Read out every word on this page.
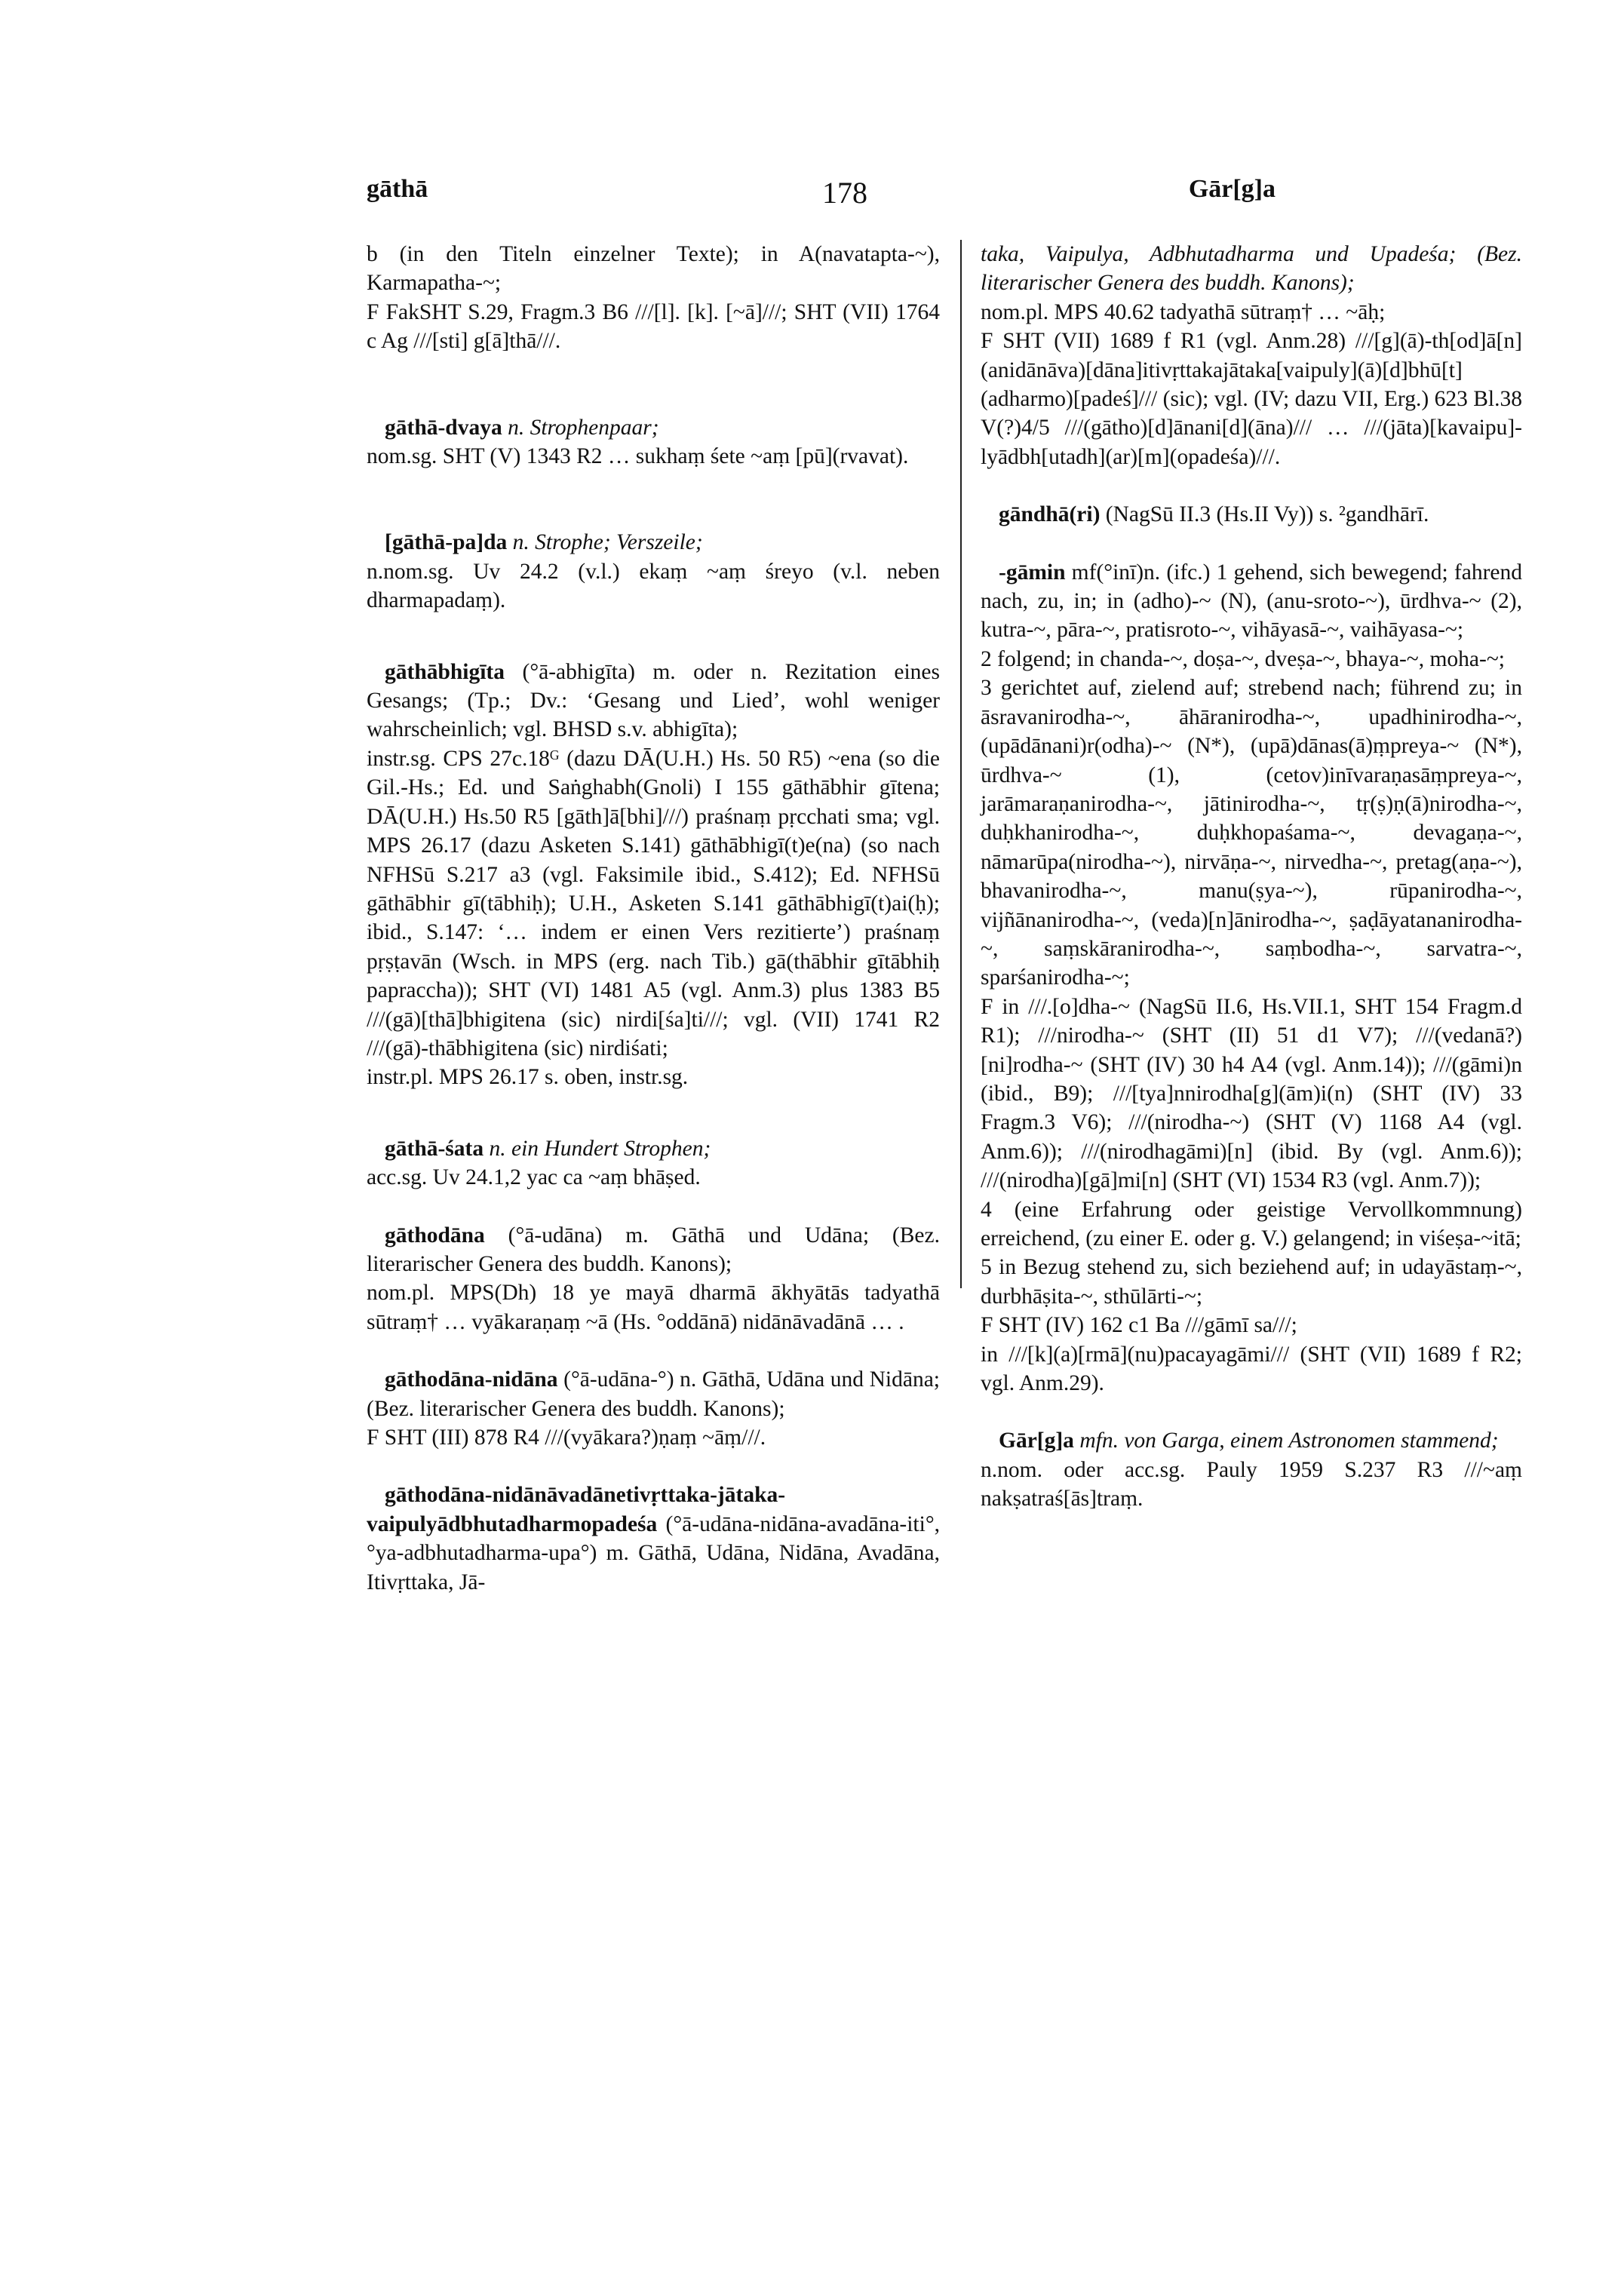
gāthā	178	Gār[g]a

b (in den Titeln einzelner Texte); in A(navatapta-~), Karmapatha-~;

F FakSHT S.29, Fragm.3 B6 ///[l]. [k]. [~ā]///; SHT (VII) 1764 c Ag ///[sti] g[ā]thā///.

gāthā-dvaya n. Strophenpaar;

nom.sg. SHT (V) 1343 R2 … sukhaṃ śete ~aṃ [pū](rvavat).

[gāthā-pa]da n. Strophe; Verszeile;

n.nom.sg. Uv 24.2 (v.l.) ekaṃ ~aṃ śreyo (v.l. neben dharmapadaṃ).

gāthābhigīta (°ā-abhigīta) m. oder n. Rezitation eines Gesangs; (Tp.; Dv.: ‘Gesang und Lied’, wohl weniger wahrscheinlich; vgl. BHSD s.v. abhigīta);

instr.sg. CPS 27c.18ᴳ (dazu DĀ(U.H.) Hs. 50 R5) ~ena (so die Gil.-Hs.; Ed. und Saṅghabh(Gnoli) I 155 gāthābhir gītena; DĀ(U.H.) Hs.50 R5 [gāth]ā[bhi]///) praśnaṃ pṛcchati sma; vgl. MPS 26.17 (dazu Asketen S.141) gāthābhigī(t)e(na) (so nach NFHSū S.217 a3 (vgl. Faksimile ibid., S.412); Ed. NFHSū gāthābhir gī(tābhiḥ); U.H., Asketen S.141 gāthābhigī(t)ai(ḥ); ibid., S.147: ‘… indem er einen Vers rezitierte’) praśnaṃ pṛṣṭavān (Wsch. in MPS (erg. nach Tib.) gā(thābhir gītābhiḥ papraccha)); SHT (VI) 1481 A5 (vgl. Anm.3) plus 1383 B5 ///(gā)[thā]bhigitena (sic) nirdi[śa]ti///; vgl. (VII) 1741 R2 ///(gā)-thābhigitena (sic) nirdiśati;

instr.pl. MPS 26.17 s. oben, instr.sg.

gāthā-śata n. ein Hundert Strophen;

acc.sg. Uv 24.1,2 yac ca ~aṃ bhāṣed.

gāthodāna (°ā-udāna) m. Gāthā und Udāna; (Bez. literarischer Genera des buddh. Kanons);

nom.pl. MPS(Dh) 18 ye mayā dharmā ākhyātās tadyathā sūtraṃ† … vyākaraṇaṃ ~ā (Hs. °oddānā) nidānāvadānā … .

gāthodāna-nidāna (°ā-udāna-°) n. Gāthā, Udāna und Nidāna; (Bez. literarischer Genera des buddh. Kanons);

F SHT (III) 878 R4 ///(vyākara?)ṇaṃ ~āṃ///.

gāthodāna-nidānāvadānetivṛttaka-jātaka-vaipulyādbhutadharmopadeśa (°ā-udāna-nidāna-avadāna-iti°, °ya-adbhutadharma-upa°) m. Gāthā, Udāna, Nidāna, Avadāna, Itivṛttaka, Jā-

taka, Vaipulya, Adbhutadharma und Upadeśa; (Bez. literarischer Genera des buddh. Kanons);

nom.pl. MPS 40.62 tadyathā sūtraṃ† … ~āḥ;

F SHT (VII) 1689 f R1 (vgl. Anm.28) ///[g](ā)-th[od]ā[n](anidānāva)[dāna]itivṛttakajātaka[vaipuly](ā)[d]bhū[t](adharmo)[padeś]/// (sic); vgl. (IV; dazu VII, Erg.) 623 Bl.38 V(?)4/5 ///(gātho)[d]ānani[d](āna)/// … ///(jāta)[kavaipu]-lyādbh[utadh](ar)[m](opadeśa)///.

gāndhā(ri) (NagSū II.3 (Hs.II Vy)) s. ²gandhārī.

-gāmin mf(°inī)n. (ifc.) 1 gehend, sich bewegend; fahrend nach, zu, in; in (adho)-~ (N), (anu-sroto-~), ūrdhva-~ (2), kutra-~, pāra-~, pratisroto-~, vihāyasā-~, vaihāyasa-~;

2 folgend; in chanda-~, doṣa-~, dveṣa-~, bhaya-~, moha-~;

3 gerichtet auf, zielend auf; strebend nach; führend zu; in āsravanirodha-~, āhāranirodha-~, upadhinirodha-~, (upādānani)r(odha)-~ (N*), (upā)dānas(ā)ṃpreya-~ (N*), ūrdhva-~ (1), (cetov)inīvaraṇasāṃpreya-~, jarāmaraṇanirodha-~, jātinirodha-~, tṛ(ṣ)ṇ(ā)nirodha-~, duḥkhanirodha-~, duḥkhopaśama-~, devagaṇa-~, nāmarūpa(nirodha-~), nirvāṇa-~, nirvedha-~, pretag(aṇa-~), bhavanirodha-~, manu(ṣya-~), rūpanirodha-~, vijñānanirodha-~, (veda)[n]ānirodha-~, ṣaḍāyatananirodha-~, saṃskāranirodha-~, saṃbodha-~, sarvatra-~, sparśanirodha-~;

F in ///.[o]dha-~ (NagSū II.6, Hs.VII.1, SHT 154 Fragm.d R1); ///nirodha-~ (SHT (II) 51 d1 V7); ///(vedanā?)[ni]rodha-~ (SHT (IV) 30 h4 A4 (vgl. Anm.14)); ///(gāmi)n (ibid., B9); ///[tya]nnirodha[g](ām)i(n) (SHT (IV) 33 Fragm.3 V6); ///(nirodha-~) (SHT (V) 1168 A4 (vgl. Anm.6)); ///(nirodhagāmi)[n] (ibid. By (vgl. Anm.6)); ///(nirodha)[gā]mi[n] (SHT (VI) 1534 R3 (vgl. Anm.7));

4 (eine Erfahrung oder geistige Vervollkommnung) erreichend, (zu einer E. oder g. V.) gelangend; in viśeṣa-~itā;

5 in Bezug stehend zu, sich beziehend auf; in udayāstaṃ-~, durbhāṣita-~, sthūlārti-~;

F SHT (IV) 162 c1 Ba ///gāmī sa///;

in ///[k](a)[rmā](nu)pacayagāmi/// (SHT (VII) 1689 f R2; vgl. Anm.29).

Gār[g]a mfn. von Garga, einem Astronomen stammend;

n.nom. oder acc.sg. Pauly 1959 S.237 R3 ///~aṃ nakṣatraś[ās]traṃ.
